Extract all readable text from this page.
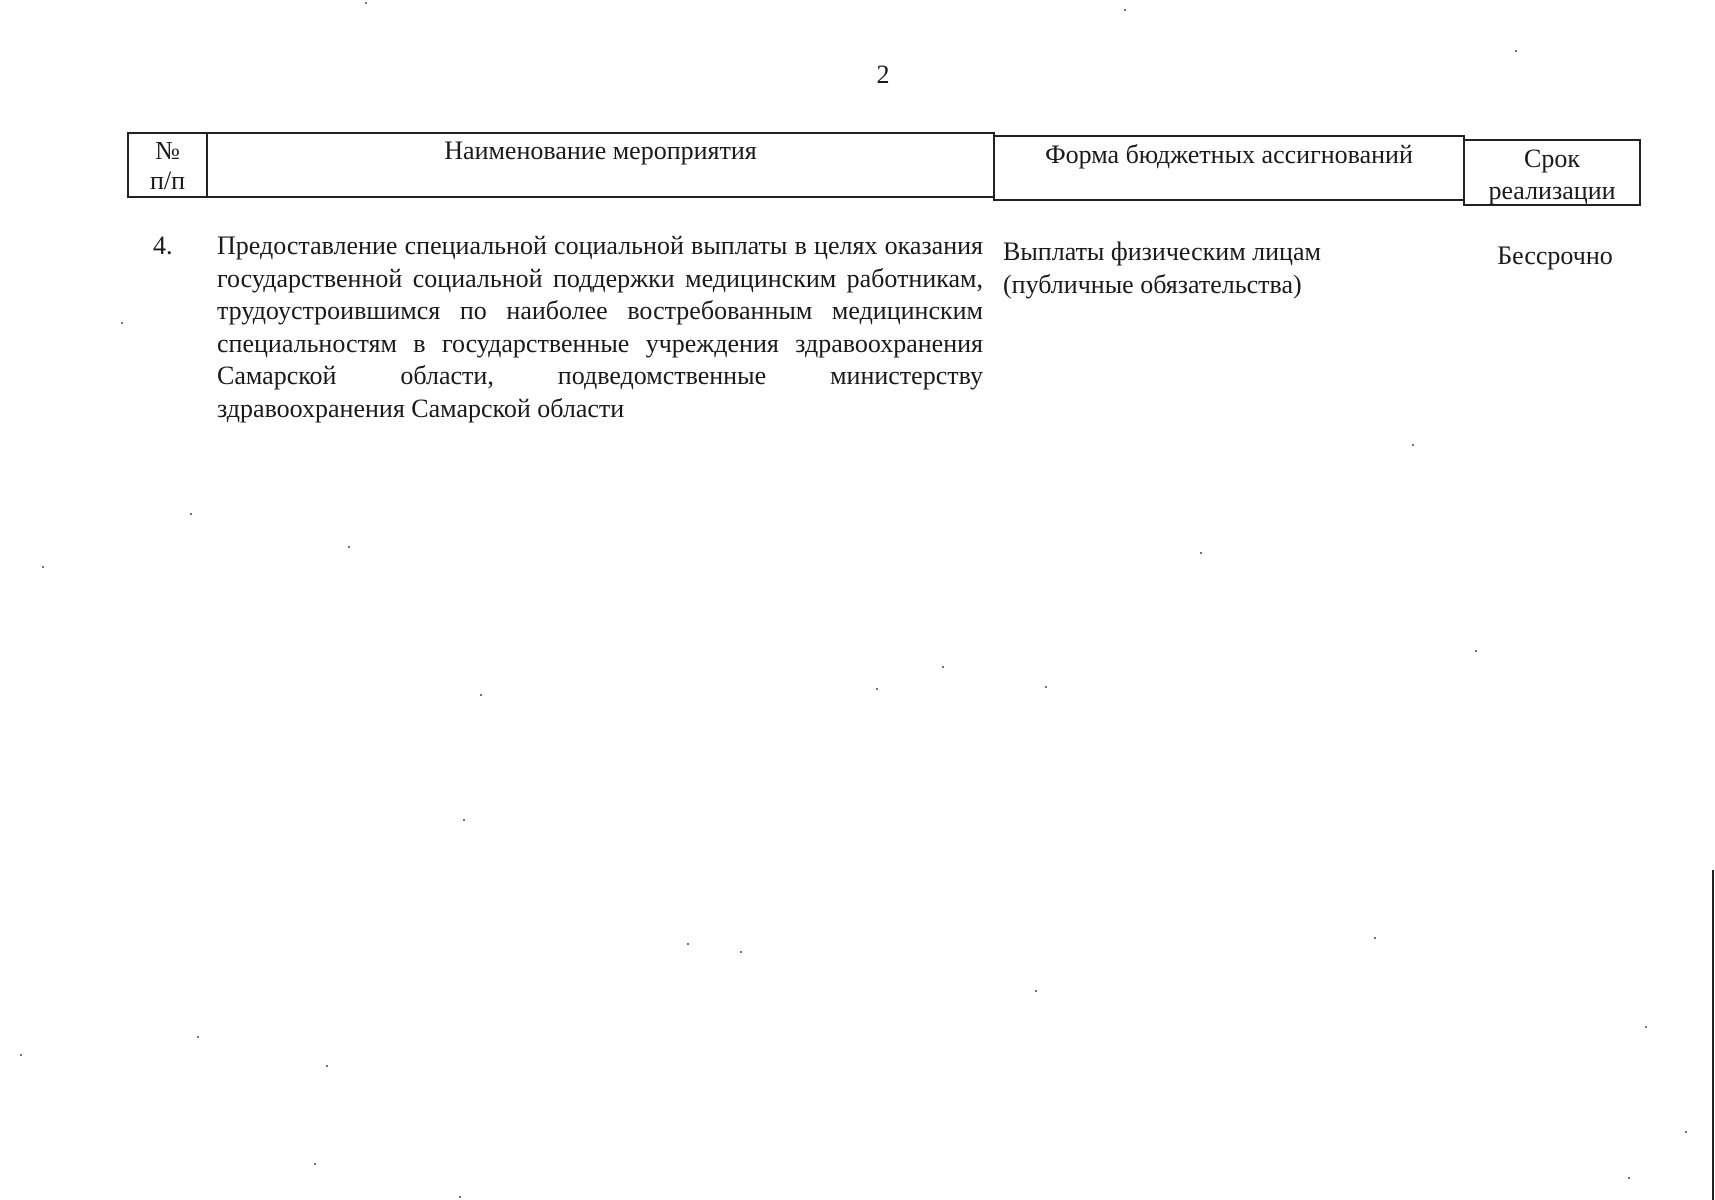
2
№
п/п
Наименование мероприятия	Форма бюджетных ассигнований	Срок
реализации
4. Предоставление специальной социальной выплаты в целях оказания государственной социальной поддержки медицинским работникам, трудоустроившимся по наиболее востребованным медицинским специальностям в государственные учреждения здравоохранения Самарской области, подведомственные министерству здравоохранения Самарской области
Выплаты физическим лицам (публичные обязательства)
Бессрочно
